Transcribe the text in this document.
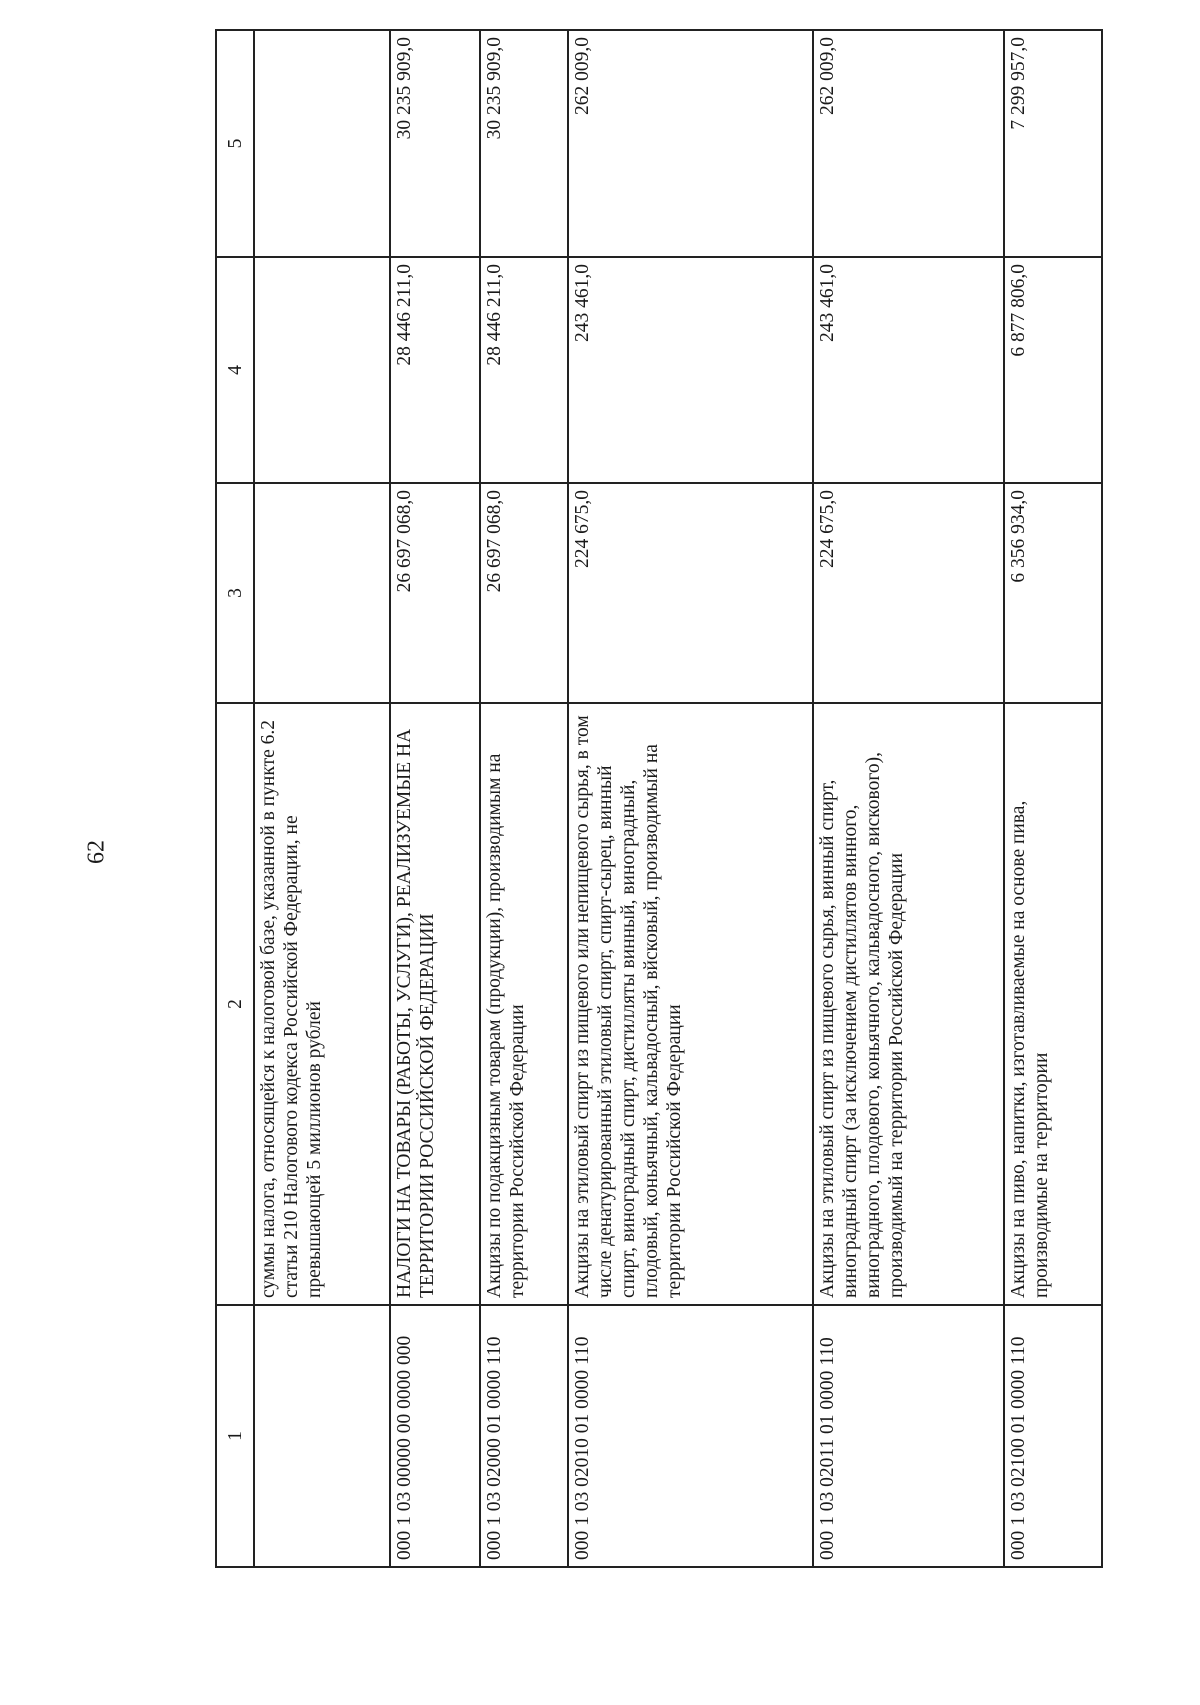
62
1	2	3	4	5
	суммы налога, относящейся к налоговой базе, указанной в пункте 6.2 статьи 210 Налогового кодекса Российской Федерации, не превышающей 5 миллионов рублей			
000 1 03 00000 00 0000 000	НАЛОГИ НА ТОВАРЫ (РАБОТЫ, УСЛУГИ), РЕАЛИЗУЕМЫЕ НА ТЕРРИТОРИИ РОССИЙСКОЙ ФЕДЕРАЦИИ	26 697 068,0	28 446 211,0	30 235 909,0
000 1 03 02000 01 0000 110	Акцизы по подакцизным товарам (продукции), производимым на территории Российской Федерации	26 697 068,0	28 446 211,0	30 235 909,0
000 1 03 02010 01 0000 110	Акцизы на этиловый спирт из пищевого или непищевого сырья, в том числе денатурированный этиловый спирт, спирт-сырец, винный спирт, виноградный спирт, дистилляты винный, виноградный, плодовый, коньячный, кальвадосный, вйсковый, производимый на территории Российской Федерации	224 675,0	243 461,0	262 009,0
000 1 03 02011 01 0000 110	Акцизы на этиловый спирт из пищевого сырья, винный спирт, виноградный спирт (за исключением дистиллятов винного, виноградного, плодового, коньячного, кальвадосного, вискового), производимый на территории Российской Федерации	224 675,0	243 461,0	262 009,0
000 1 03 02100 01 0000 110	Акцизы на пиво, напитки, изготавливаемые на основе пива, производимые на территории	6 356 934,0	6 877 806,0	7 299 957,0
